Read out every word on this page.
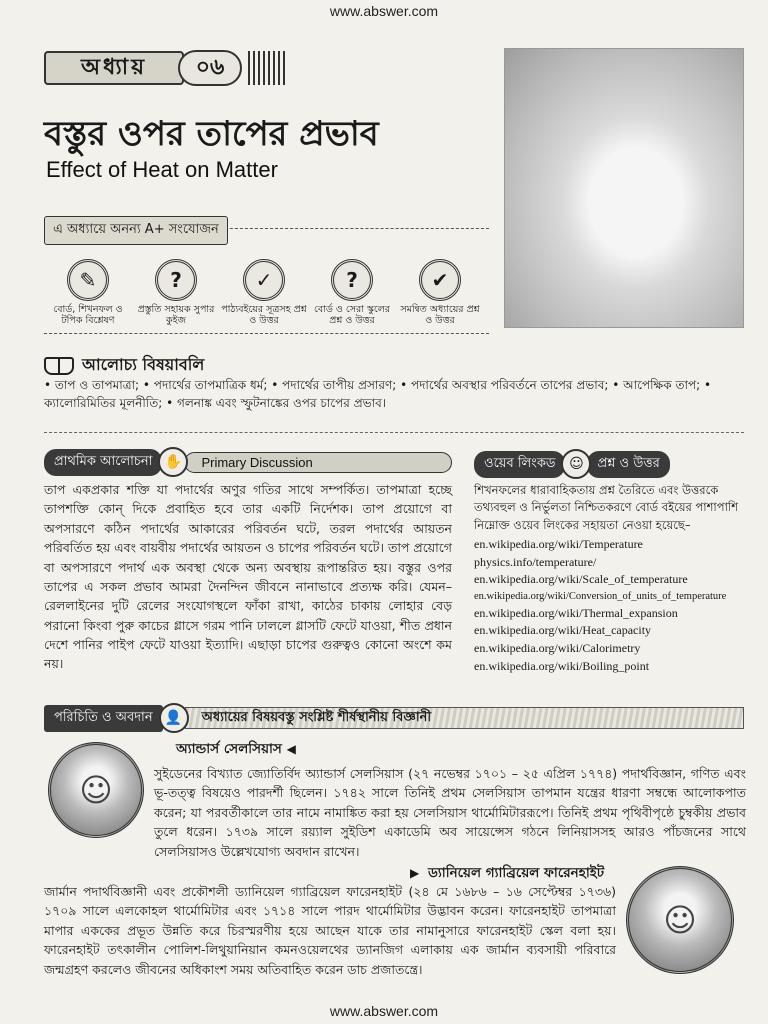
www.abswer.com
অধ্যায়	০৬
বস্তুর ওপর তাপের প্রভাব
Effect of Heat on Matter
এ অধ্যায়ে অনন্য A+ সংযোজন
✎
বোর্ড, শিখনফল ও টপিক বিশ্লেষণ
?
প্রস্তুতি সহায়ক সুপার কুইজ
✓
পাঠ্যবইয়ের সূত্রসহ প্রশ্ন ও উত্তর
?
বোর্ড ও সেরা স্কুলের প্রশ্ন ও উত্তর
✔
সমন্বিত অধ্যায়ের প্রশ্ন ও উত্তর
আলোচ্য বিষয়াবলি
• তাপ ও তাপমাত্রা; • পদার্থের তাপমাত্রিক ধর্ম; • পদার্থের তাপীয় প্রসারণ; • পদার্থের অবস্থার পরিবর্তনে তাপের প্রভাব; • আপেক্ষিক তাপ; • ক্যালোরিমিতির মূলনীতি; • গলনাঙ্ক এবং স্ফুটনাঙ্কের ওপর চাপের প্রভাব।
প্রাথমিক আলোচনা ✋	Primary Discussion
তাপ একপ্রকার শক্তি যা পদার্থের অণুর গতির সাথে সম্পর্কিত। তাপমাত্রা হচ্ছে তাপশক্তি কোন্ দিকে প্রবাহিত হবে তার একটি নির্দেশক। তাপ প্রয়োগে বা অপসারণে কঠিন পদার্থের আকারের পরিবর্তন ঘটে, তরল পদার্থের আয়তন পরিবর্তিত হয় এবং বায়বীয় পদার্থের আয়তন ও চাপের পরিবর্তন ঘটে। তাপ প্রয়োগে বা অপসারণে পদার্থ এক অবস্থা থেকে অন্য অবস্থায় রূপান্তরিত হয়। বস্তুর ওপর তাপের এ সকল প্রভাব আমরা দৈনন্দিন জীবনে নানাভাবে প্রত্যক্ষ করি। যেমন– রেললাইনের দুটি রেলের সংযোগস্থলে ফাঁকা রাখা, কাঠের চাকায় লোহার বেড় পরানো কিংবা পুরু কাচের গ্লাসে গরম পানি ঢাললে গ্লাসটি ফেটে যাওয়া, শীত প্রধান দেশে পানির পাইপ ফেটে যাওয়া ইত্যাদি। এছাড়া চাপের গুরুত্বও কোনো অংশে কম নয়।
ওয়েব লিংকড ☺	প্রশ্ন ও উত্তর
শিখনফলের ধারাবাহিকতায় প্রশ্ন তৈরিতে এবং উত্তরকে তথ্যবহুল ও নির্ভুলতা নিশ্চিতকরণে বোর্ড বইয়ের পাশাপাশি নিম্নোক্ত ওয়েব লিংকের সহায়তা নেওয়া হয়েছে–
en.wikipedia.org/wiki/Temperature
physics.info/temperature/
en.wikipedia.org/wiki/Scale_of_temperature
en.wikipedia.org/wiki/Conversion_of_units_of_temperature
en.wikipedia.org/wiki/Thermal_expansion
en.wikipedia.org/wiki/Heat_capacity
en.wikipedia.org/wiki/Calorimetry
en.wikipedia.org/wiki/Boiling_point
পরিচিতি ও অবদান 👤	অধ্যায়ের বিষয়বস্তু সংশ্লিষ্ট শীর্ষস্থানীয় বিজ্ঞানী
☺
অ্যান্ডার্স সেলসিয়াস ◀
সুইডেনের বিখ্যাত জ্যোতির্বিদ অ্যান্ডার্স সেলসিয়াস (২৭ নভেম্বর ১৭০১ – ২৫ এপ্রিল ১৭৭৪) পদার্থবিজ্ঞান, গণিত এবং ভূ-তত্ত্ব বিষয়েও পারদর্শী ছিলেন। ১৭৪২ সালে তিনিই প্রথম সেলসিয়াস তাপমান যন্ত্রের ধারণা সম্বন্ধে আলোকপাত করেন; যা পরবর্তীকালে তার নামে নামাঙ্কিত করা হয় সেলসিয়াস থার্মোমিটাররূপে। তিনিই প্রথম পৃথিবীপৃষ্ঠে চুম্বকীয় প্রভাব তুলে ধরেন। ১৭৩৯ সালে রয়্যাল সুইডিশ একাডেমি অব সায়েন্সেস গঠনে লিনিয়াসসহ আরও পাঁচজনের সাথে সেলসিয়াসও উল্লেখযোগ্য অবদান রাখেন।
▶ ড্যানিয়েল গ্যাব্রিয়েল ফারেনহাইট
জার্মান পদার্থবিজ্ঞানী এবং প্রকৌশলী ড্যানিয়েল গ্যাব্রিয়েল ফারেনহাইট (২৪ মে ১৬৮৬ – ১৬ সেপ্টেম্বর ১৭৩৬) ১৭০৯ সালে এলকোহল থার্মোমিটার এবং ১৭১৪ সালে পারদ থার্মোমিটার উদ্ভাবন করেন। ফারেনহাইট তাপমাত্রা মাপার এককের প্রভূত উন্নতি করে চিরস্মরণীয় হয়ে আছেন যাকে তার নামানুসারে ফারেনহাইট স্কেল বলা হয়। ফারেনহাইট তৎকালীন পোলিশ-লিথুয়ানিয়ান কমনওয়েলথের ড্যানজিগ এলাকায় এক জার্মান ব্যবসায়ী পরিবারে জন্মগ্রহণ করলেও জীবনের অধিকাংশ সময় অতিবাহিত করেন ডাচ প্রজাতন্ত্রে।
☺
www.abswer.com
